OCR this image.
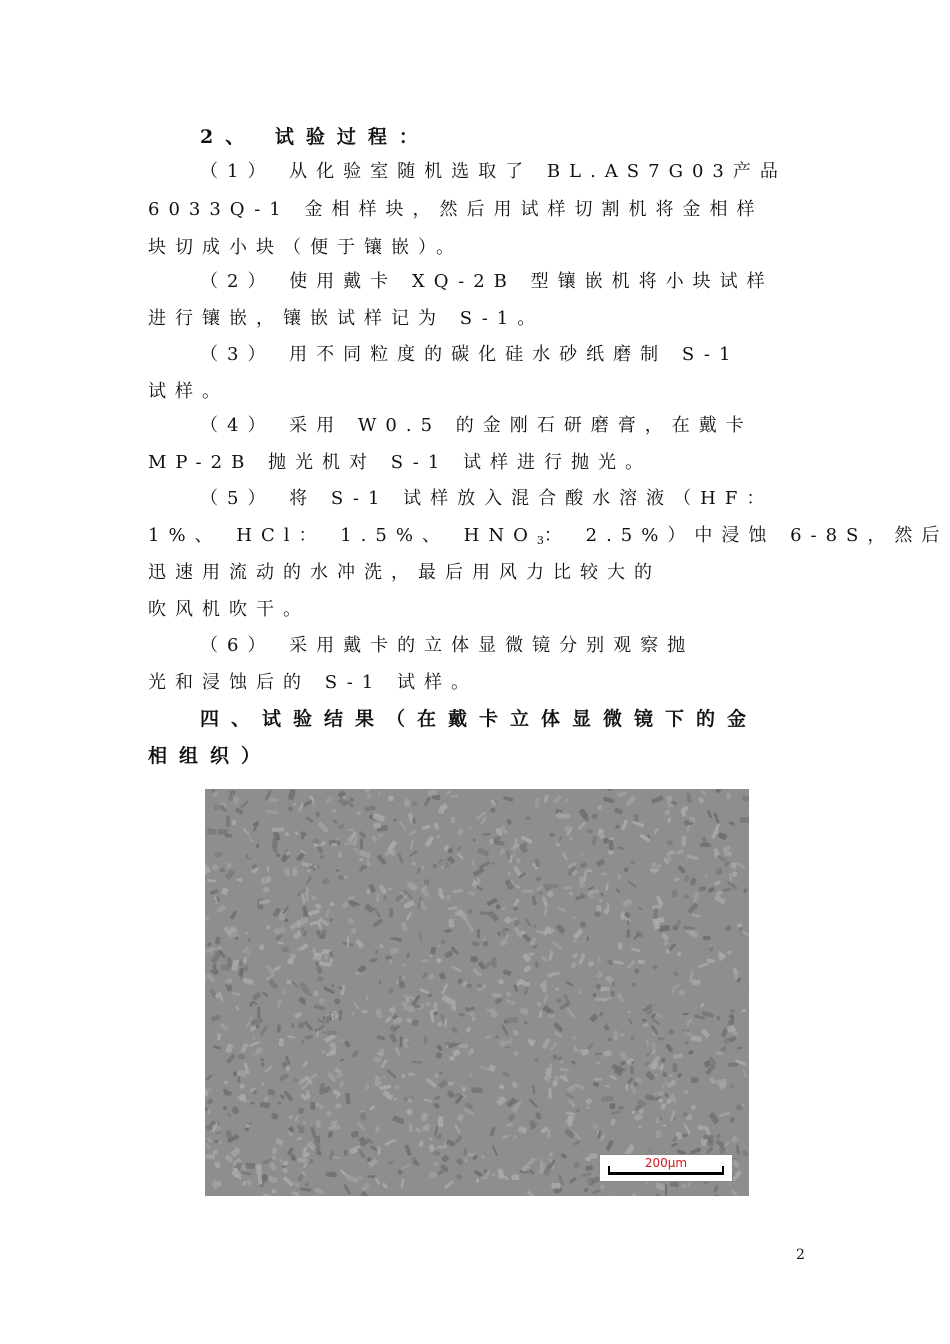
2、 试验过程：
（1） 从化验室随机选取了 BL.AS7G03产品
6033Q-1 金相样块，然后用试样切割机将金相样
块切成小块（便于镶嵌）。
（2） 使用戴卡 XQ-2B 型镶嵌机将小块试样
进行镶嵌，镶嵌试样记为 S-1。
（3） 用不同粒度的碳化硅水砂纸磨制 S-1
试样。
（4） 采用 W0.5 的金刚石研磨膏，在戴卡
MP-2B 抛光机对 S-1 试样进行抛光。
（5） 将 S-1 试样放入混合酸水溶液（HF：
1%、 HCl： 1.5%、 $HNO_3$： 2.5%）中浸蚀 6-8S，然后
迅速用流动的水冲洗，最后用风力比较大的
吹风机吹干。
（6） 采用戴卡的立体显微镜分别观察抛
光和浸蚀后的 S-1 试样。
四、试验结果（在戴卡立体显微镜下的金
相组织）
200μm
2
